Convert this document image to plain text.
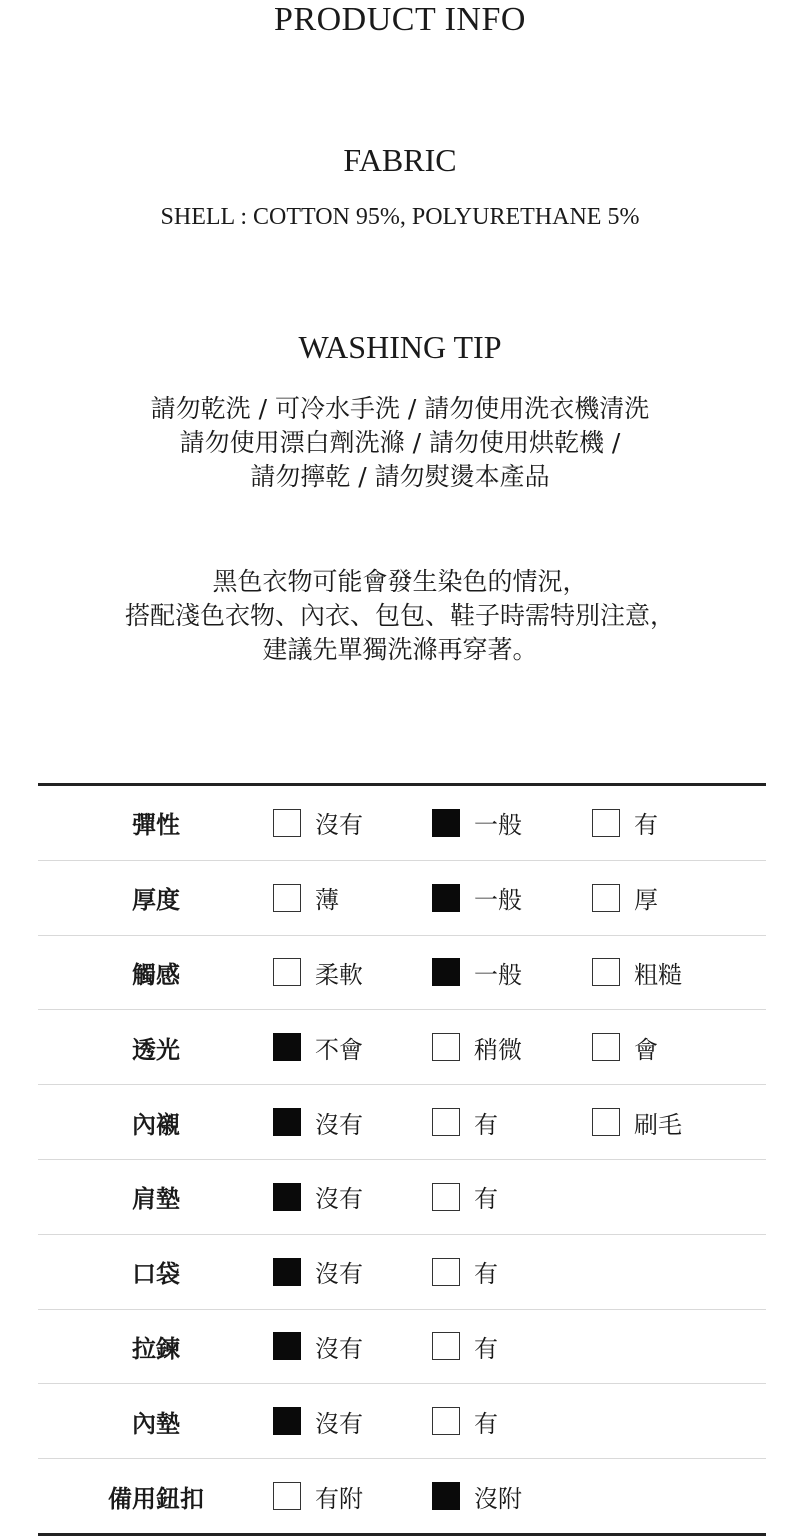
PRODUCT INFO
FABRIC
SHELL : COTTON 95%, POLYURETHANE 5%
WASHING TIP
請勿乾洗 / 可冷水手洗 / 請勿使用洗衣機清洗
請勿使用漂白劑洗滌 / 請勿使用烘乾機 /
請勿擰乾 / 請勿熨燙本產品
黑色衣物可能會發生染色的情況，
搭配淺色衣物、內衣、包包、鞋子時需特別注意，
建議先單獨洗滌再穿著。
彈性	沒有	一般	有
厚度	薄	一般	厚
觸感	柔軟	一般	粗糙
透光	不會	稍微	會
內襯	沒有	有	刷毛
肩墊	沒有	有
口袋	沒有	有
拉鍊	沒有	有
內墊	沒有	有
備用鈕扣	有附	沒附
